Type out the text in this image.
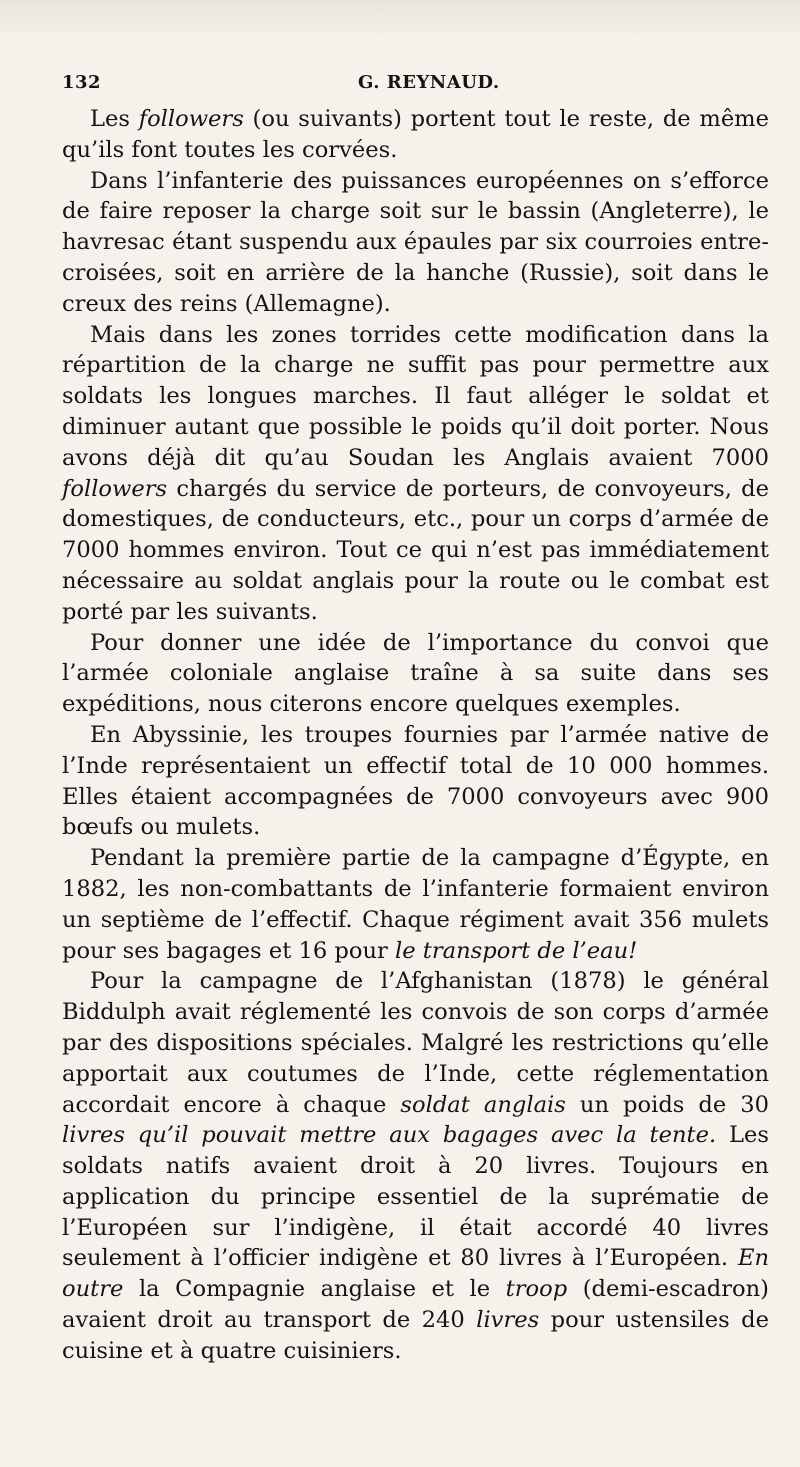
132	G. REYNAUD.

Les followers (ou suivants) portent tout le reste, de même qu’ils font toutes les corvées.

Dans l’infanterie des puissances européennes on s’efforce de faire reposer la charge soit sur le bassin (Angleterre), le havresac étant suspendu aux épaules par six courroies entre-croisées, soit en arrière de la hanche (Russie), soit dans le creux des reins (Allemagne).

Mais dans les zones torrides cette modification dans la répartition de la charge ne suffit pas pour permettre aux soldats les longues marches. Il faut alléger le soldat et diminuer autant que possible le poids qu’il doit porter. Nous avons déjà dit qu’au Soudan les Anglais avaient 7000 followers chargés du service de porteurs, de convoyeurs, de domestiques, de conducteurs, etc., pour un corps d’armée de 7000 hommes environ. Tout ce qui n’est pas immédiatement nécessaire au soldat anglais pour la route ou le combat est porté par les suivants.

Pour donner une idée de l’importance du convoi que l’armée coloniale anglaise traîne à sa suite dans ses expéditions, nous citerons encore quelques exemples.

En Abyssinie, les troupes fournies par l’armée native de l’Inde représentaient un effectif total de 10 000 hommes. Elles étaient accompagnées de 7000 convoyeurs avec 900 bœufs ou mulets.

Pendant la première partie de la campagne d’Égypte, en 1882, les non-combattants de l’infanterie formaient environ un septième de l’effectif. Chaque régiment avait 356 mulets pour ses bagages et 16 pour le transport de l’eau!

Pour la campagne de l’Afghanistan (1878) le général Biddulph avait réglementé les convois de son corps d’armée par des dispositions spéciales. Malgré les restrictions qu’elle apportait aux coutumes de l’Inde, cette réglementation accordait encore à chaque soldat anglais un poids de 30 livres qu’il pouvait mettre aux bagages avec la tente. Les soldats natifs avaient droit à 20 livres. Toujours en application du principe essentiel de la suprématie de l’Européen sur l’indigène, il était accordé 40 livres seulement à l’officier indigène et 80 livres à l’Européen. En outre la Compagnie anglaise et le troop (demi-escadron) avaient droit au transport de 240 livres pour ustensiles de cuisine et à quatre cuisiniers.
